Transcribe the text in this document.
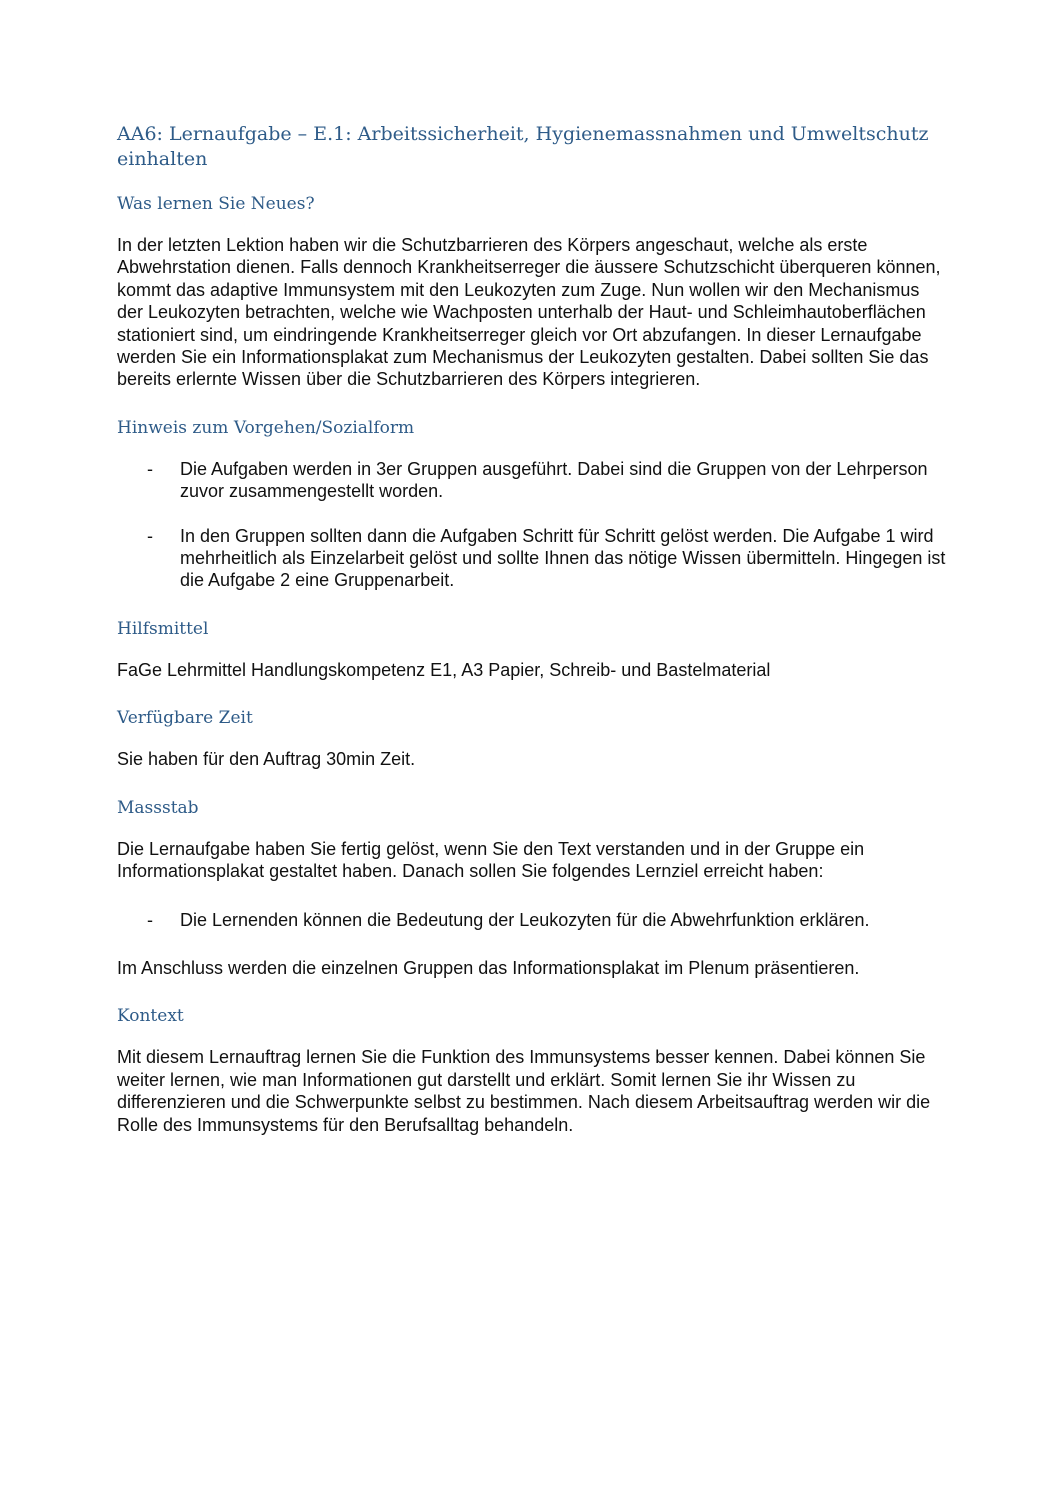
AA6: Lernaufgabe – E.1: Arbeitssicherheit, Hygienemassnahmen und Umweltschutz einhalten
Was lernen Sie Neues?

In der letzten Lektion haben wir die Schutzbarrieren des Körpers angeschaut, welche als erste Abwehrstation dienen. Falls dennoch Krankheitserreger die äussere Schutzschicht überqueren können, kommt das adaptive Immunsystem mit den Leukozyten zum Zuge. Nun wollen wir den Mechanismus der Leukozyten betrachten, welche wie Wachposten unterhalb der Haut- und Schleimhautoberflächen stationiert sind, um eindringende Krankheitserreger gleich vor Ort abzufangen. In dieser Lernaufgabe werden Sie ein Informationsplakat zum Mechanismus der Leukozyten gestalten. Dabei sollten Sie das bereits erlernte Wissen über die Schutzbarrieren des Körpers integrieren.

Hinweis zum Vorgehen/Sozialform
- Die Aufgaben werden in 3er Gruppen ausgeführt. Dabei sind die Gruppen von der Lehrperson zuvor zusammengestellt worden.
- In den Gruppen sollten dann die Aufgaben Schritt für Schritt gelöst werden. Die Aufgabe 1 wird mehrheitlich als Einzelarbeit gelöst und sollte Ihnen das nötige Wissen übermitteln. Hingegen ist die Aufgabe 2 eine Gruppenarbeit.
Hilfsmittel

FaGe Lehrmittel Handlungskompetenz E1, A3 Papier, Schreib- und Bastelmaterial

Verfügbare Zeit

Sie haben für den Auftrag 30min Zeit.

Massstab

Die Lernaufgabe haben Sie fertig gelöst, wenn Sie den Text verstanden und in der Gruppe ein Informationsplakat gestaltet haben. Danach sollen Sie folgendes Lernziel erreicht haben:

- Die Lernenden können die Bedeutung der Leukozyten für die Abwehrfunktion erklären.

Im Anschluss werden die einzelnen Gruppen das Informationsplakat im Plenum präsentieren.

Kontext

Mit diesem Lernauftrag lernen Sie die Funktion des Immunsystems besser kennen. Dabei können Sie weiter lernen, wie man Informationen gut darstellt und erklärt. Somit lernen Sie ihr Wissen zu differenzieren und die Schwerpunkte selbst zu bestimmen. Nach diesem Arbeitsauftrag werden wir die Rolle des Immunsystems für den Berufsalltag behandeln.
